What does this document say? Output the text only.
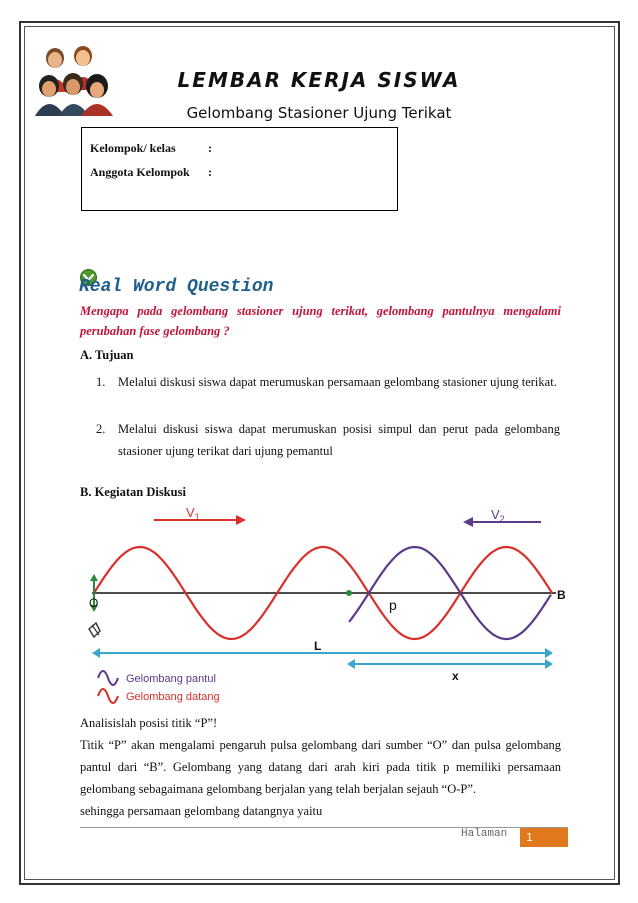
LEMBAR KERJA SISWA
Gelombang Stasioner Ujung Terikat
Kelompok/ kelas	:
Anggota Kelompok :
Real Word Question
Mengapa pada gelombang stasioner ujung terikat, gelombang pantulnya mengalami perubahan fase gelombang ?
A. Tujuan
1. Melalui diskusi siswa dapat merumuskan persamaan gelombang stasioner ujung terikat.
2. Melalui diskusi siswa dapat merumuskan posisi simpul dan perut pada gelombang stasioner ujung terikat dari ujung pemantul
B. Kegiatan Diskusi
$V_1$	$V_2$
O	p
B
L
x
Gelombang pantul
Gelombang datang
Analisislah posisi titik “P”!
Titik “P” akan mengalami pengaruh pulsa gelombang dari sumber “O” dan pulsa gelombang pantul dari “B”. Gelombang yang datang dari arah kiri pada titik p memiliki persamaan gelombang sebagaimana gelombang berjalan yang telah berjalan sejauh “O-P”.
sehingga persamaan gelombang datangnya yaitu
Halaman	1
